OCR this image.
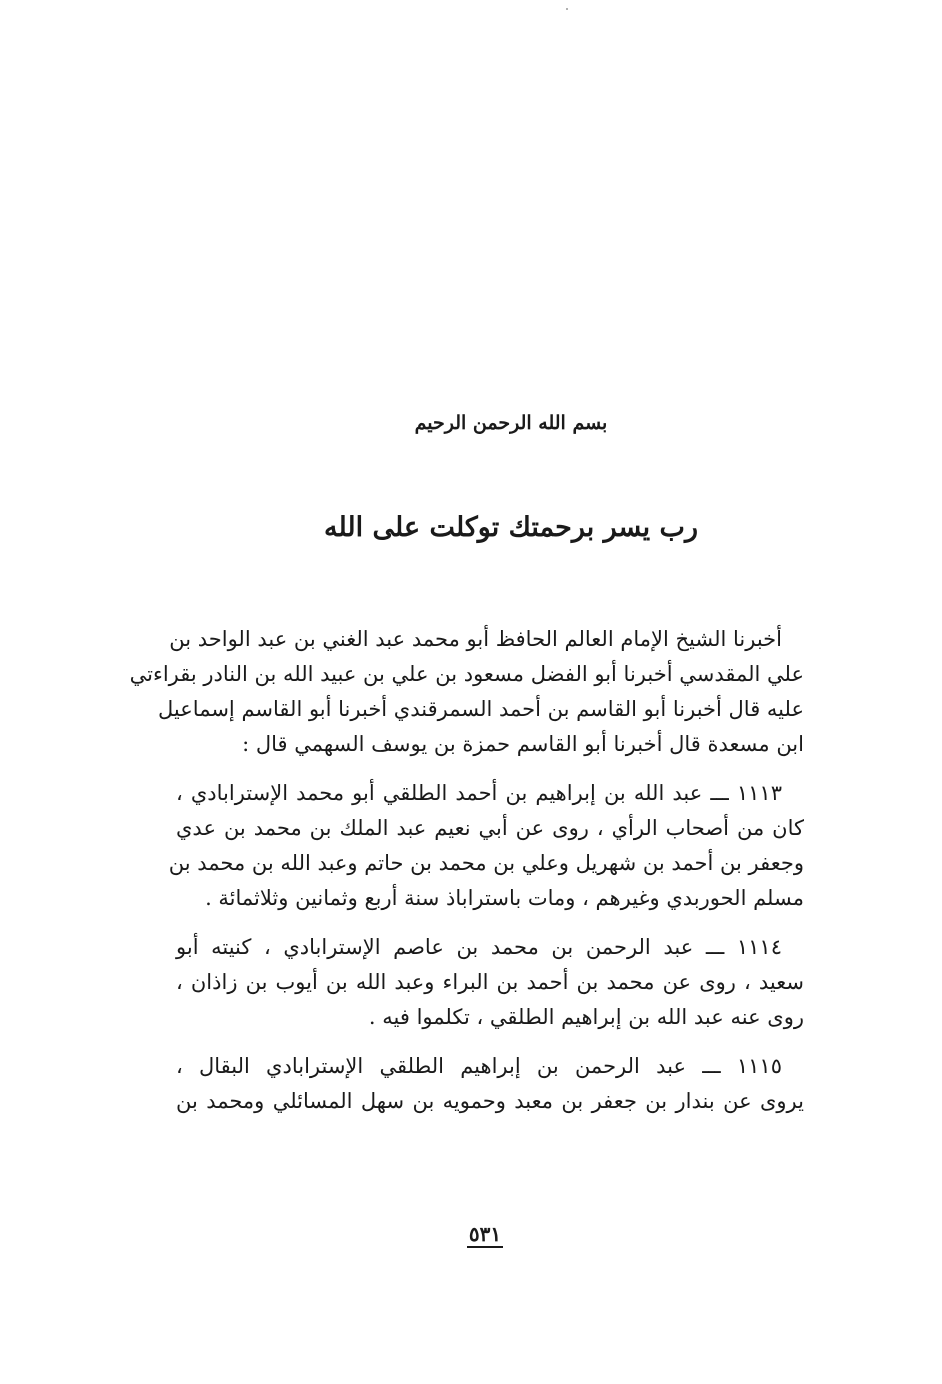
بسم الله الرحمن الرحيم
رب يسر برحمتك توكلت على الله

أخبرنا الشيخ الإمام العالم الحافظ أبو محمد عبد الغني بن عبد الواحد بن
علي المقدسي أخبرنا أبو الفضل مسعود بن علي بن عبيد الله بن النادر بقراءتي
عليه قال أخبرنا أبو القاسم بن أحمد السمرقندي أخبرنا أبو القاسم إسماعيل
ابن مسعدة قال أخبرنا أبو القاسم حمزة بن يوسف السهمي قال :

١١١٣ ـــ عبد الله بن إبراهيم بن أحمد الطلقي أبو محمد الإسترابادي ،
كان من أصحاب الرأي ، روى عن أبي نعيم عبد الملك بن محمد بن عدي
وجعفر بن أحمد بن شهريل وعلي بن محمد بن حاتم وعبد الله بن محمد بن
مسلم الحوربدي وغيرهم ، ومات باستراباذ سنة أربع وثمانين وثلاثمائة .

١١١٤ ـــ عبد الرحمن بن محمد بن عاصم الإسترابادي ، كنيته أبو
سعيد ، روى عن محمد بن أحمد بن البراء وعبد الله بن أيوب بن زاذان ،
روى عنه عبد الله بن إبراهيم الطلقي ، تكلموا فيه .

١١١٥ ـــ عبد الرحمن بن إبراهيم الطلقي الإسترابادي البقال ،
يروى عن بندار بن جعفر بن معبد وحمويه بن سهل المسائلي ومحمد بن

٥٣١
